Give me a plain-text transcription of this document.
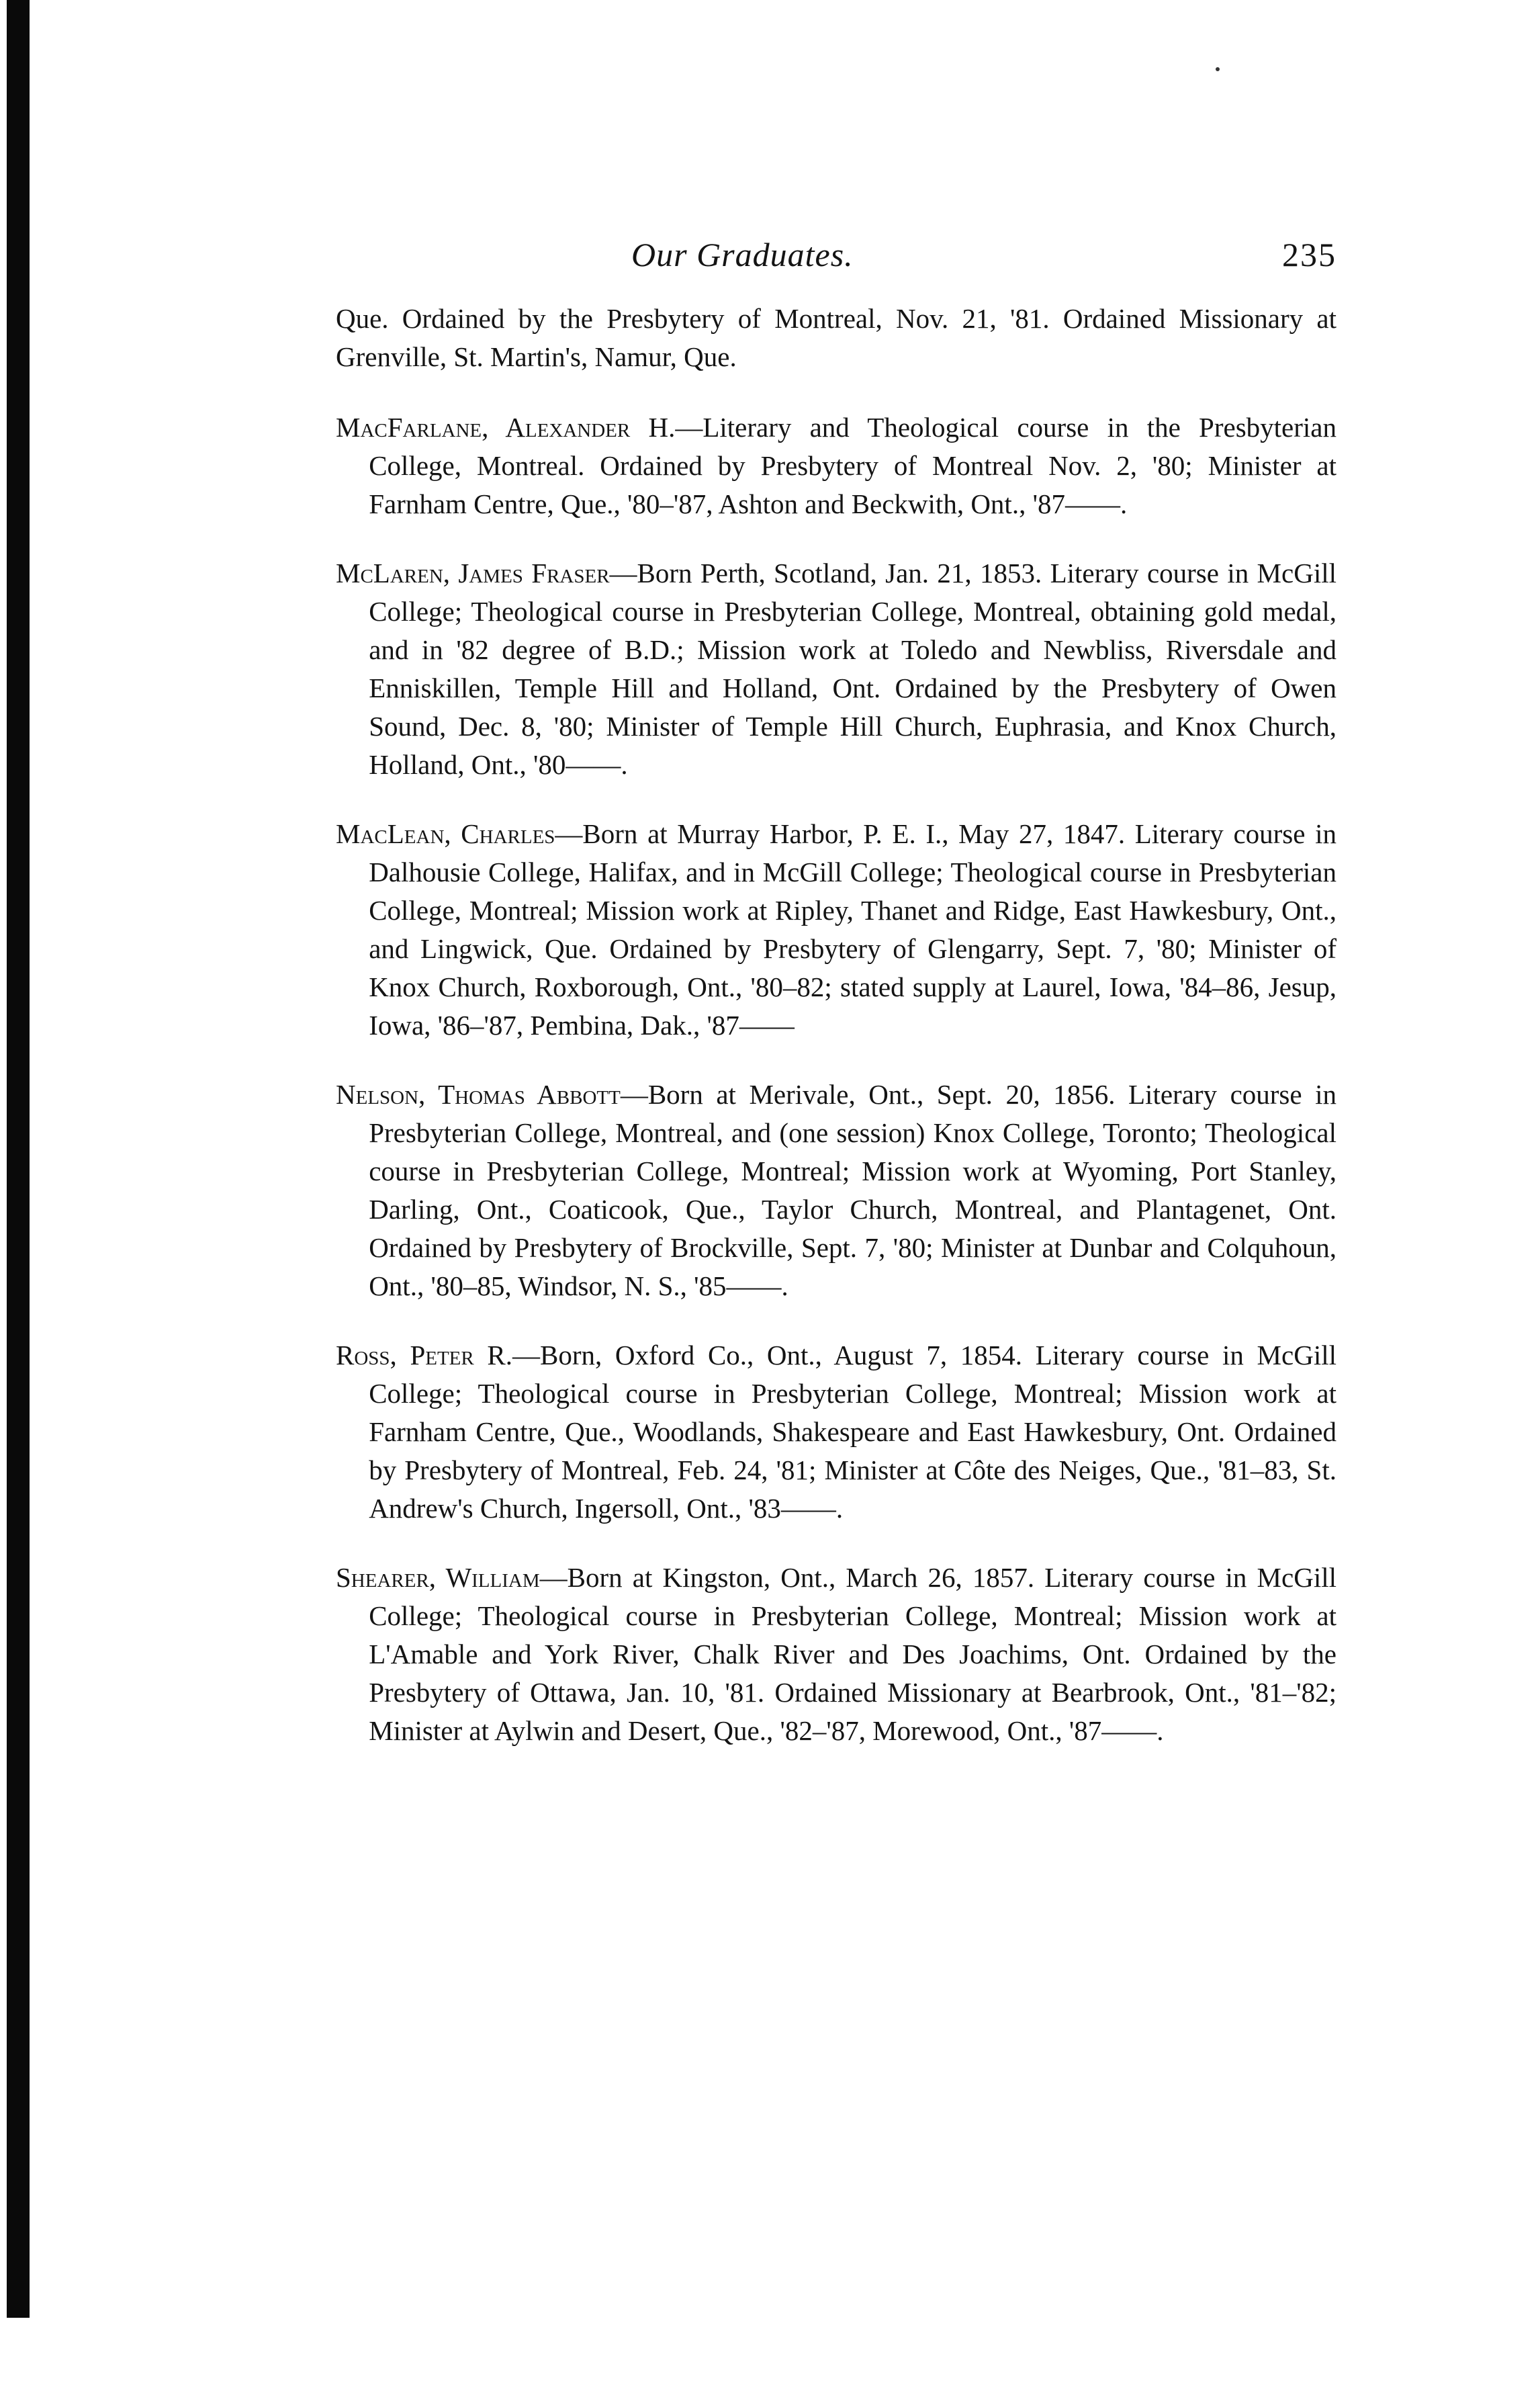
Our Graduates.	235

Que. Ordained by the Presbytery of Montreal, Nov. 21, '81. Ordained Missionary at Grenville, St. Martin's, Namur, Que.

MacFarlane, Alexander H.—Literary and Theological course in the Presbyterian College, Montreal. Ordained by Presbytery of Montreal Nov. 2, '80; Minister at Farnham Centre, Que., '80–'87, Ashton and Beckwith, Ont., '87——.

McLaren, James Fraser—Born Perth, Scotland, Jan. 21, 1853. Literary course in McGill College; Theological course in Presbyterian College, Montreal, obtaining gold medal, and in '82 degree of B.D.; Mission work at Toledo and Newbliss, Riversdale and Enniskillen, Temple Hill and Holland, Ont. Ordained by the Presbytery of Owen Sound, Dec. 8, '80; Minister of Temple Hill Church, Euphrasia, and Knox Church, Holland, Ont., '80——.

MacLean, Charles—Born at Murray Harbor, P. E. I., May 27, 1847. Literary course in Dalhousie College, Halifax, and in McGill College; Theological course in Presbyterian College, Montreal; Mission work at Ripley, Thanet and Ridge, East Hawkesbury, Ont., and Lingwick, Que. Ordained by Presbytery of Glengarry, Sept. 7, '80; Minister of Knox Church, Roxborough, Ont., '80–82; stated supply at Laurel, Iowa, '84–86, Jesup, Iowa, '86–'87, Pembina, Dak., '87——

Nelson, Thomas Abbott—Born at Merivale, Ont., Sept. 20, 1856. Literary course in Presbyterian College, Montreal, and (one session) Knox College, Toronto; Theological course in Presbyterian College, Montreal; Mission work at Wyoming, Port Stanley, Darling, Ont., Coaticook, Que., Taylor Church, Montreal, and Plantagenet, Ont. Ordained by Presbytery of Brockville, Sept. 7, '80; Minister at Dunbar and Colquhoun, Ont., '80–85, Windsor, N. S., '85——.

Ross, Peter R.—Born, Oxford Co., Ont., August 7, 1854. Literary course in McGill College; Theological course in Presbyterian College, Montreal; Mission work at Farnham Centre, Que., Woodlands, Shakespeare and East Hawkesbury, Ont. Ordained by Presbytery of Montreal, Feb. 24, '81; Minister at Côte des Neiges, Que., '81–83, St. Andrew's Church, Ingersoll, Ont., '83——.

Shearer, William—Born at Kingston, Ont., March 26, 1857. Literary course in McGill College; Theological course in Presbyterian College, Montreal; Mission work at L'Amable and York River, Chalk River and Des Joachims, Ont. Ordained by the Presbytery of Ottawa, Jan. 10, '81. Ordained Missionary at Bearbrook, Ont., '81–'82; Minister at Aylwin and Desert, Que., '82–'87, Morewood, Ont., '87——.
